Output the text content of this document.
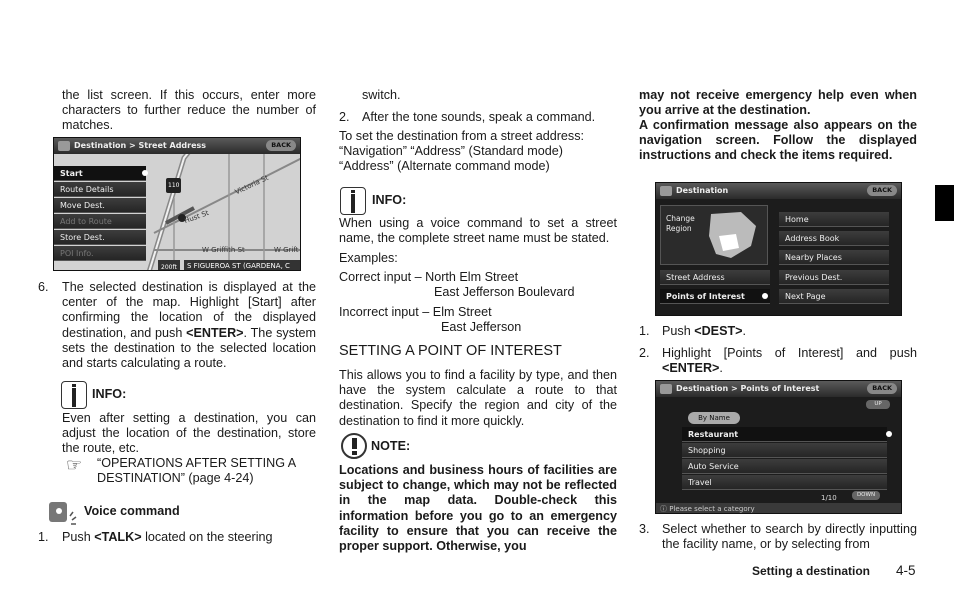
the list screen. If this occurs, enter more characters to further reduce the number of matches.
Destination > Street Address	BACK
Start
Route Details
Move Dest.
Add to Route
Store Dest.
POI Info.	W Griffith St	W Grift
Victoria St
Hust St
110
200ft	S FIGUEROA ST (GARDENA, C
6. The selected destination is displayed at the center of the map. Highlight [Start] after confirming the location of the displayed destination, and push <ENTER>. The system sets the destination to the selected location and starts calculating a route.
INFO:
Even after setting a destination, you can adjust the location of the destination, store the route, etc.
☞ “OPERATIONS AFTER SETTING A DESTINATION” (page 4-24)
Voice command
1. Push <TALK> located on the steering
switch.
2. After the tone sounds, speak a command.
To set the destination from a street address:
“Navigation” “Address” (Standard mode)
“Address” (Alternate command mode)
INFO:
When using a voice command to set a street name, the complete street name must be stated.
Examples:
Correct input – North Elm Street
East Jefferson Boulevard
Incorrect input – Elm Street
East Jefferson
SETTING A POINT OF INTEREST
This allows you to find a facility by type, and then have the system calculate a route to that destination. Specify the region and city of the destination to find it more quickly.
NOTE:
Locations and business hours of facilities are subject to change, which may not be reflected in the map data. Double-check this information before you go to an emergency facility to ensure that you can receive the proper support. Otherwise, you
may not receive emergency help even when you arrive at the destination.
A confirmation message also appears on the navigation screen. Follow the displayed instructions and check the items required.
Destination	BACK
Change Region
Street Address
Points of Interest
Home
Address Book
Nearby Places
Previous Dest.
Next Page
1. Push <DEST>.
2. Highlight [Points of Interest] and push <ENTER>.
Destination > Points of Interest	BACK
By Name
Restaurant
Shopping
Auto Service
Travel
UP
1/10	DOWN
ⓘ Please select a category
3. Select whether to search by directly inputting the facility name, or by selecting from
Setting a destination 4-5
